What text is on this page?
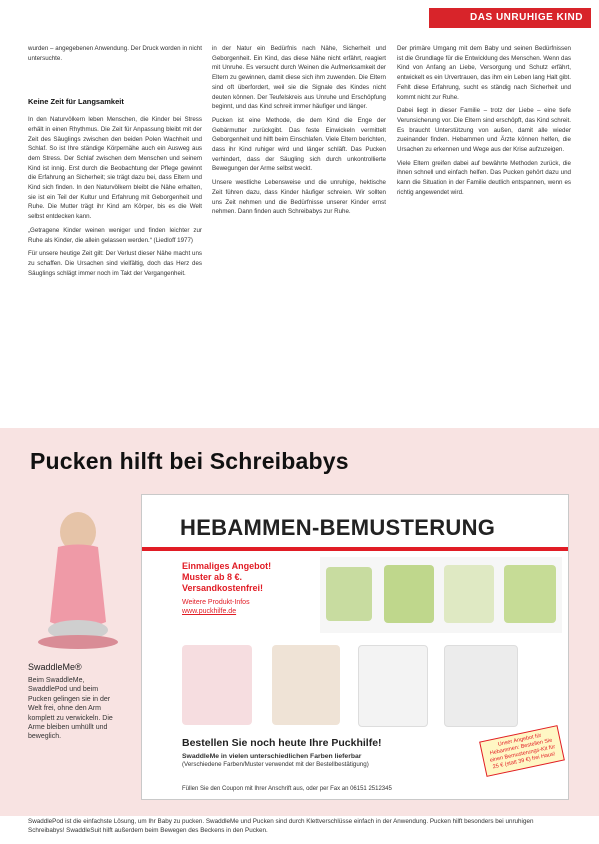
DAS UNRUHIGE KIND

wurden – angegebenen Anwendung. Der Druck worden in nicht untersuchte.

Keine Zeit für Langsamkeit

In den Naturvölkern leben Menschen, die Kinder bei Stress erhält in einen Rhythmus. Die Zeit für Anpassung bleibt mit der Zeit des Säuglings zwischen den beiden Polen Wachheit und Schlaf. So ist Ihre ständige Körpernähe auch ein Ausweg aus dem Stress. Der Schlaf zwischen dem Menschen und seinem Kind ist innig. Erst durch die Beobachtung der Pflege gewinnt die Erfahrung an Sicherheit; sie trägt dazu bei, dass Eltern und Kind sich finden. In den Naturvölkern bleibt die Nähe erhalten, sie ist ein Teil der Kultur und Erfahrung mit Geborgenheit und Ruhe. Die Mutter trägt ihr Kind am Körper, bis es die Welt selbst entdecken kann.

„Getragene Kinder weinen weniger und finden leichter zur Ruhe als Kinder, die allein gelassen werden.“ (Liedloff 1977)

Für unsere heutige Zeit gilt: Der Verlust dieser Nähe macht uns zu schaffen. Die Ursachen sind vielfältig, doch das Herz des Säuglings schlägt immer noch im Takt der Vergangenheit.

in der Natur ein Bedürfnis nach Nähe, Sicherheit und Geborgenheit. Ein Kind, das diese Nähe nicht erfährt, reagiert mit Unruhe. Es versucht durch Weinen die Aufmerksamkeit der Eltern zu gewinnen, damit diese sich ihm zuwenden. Die Eltern sind oft überfordert, weil sie die Signale des Kindes nicht deuten können. Der Teufelskreis aus Unruhe und Erschöpfung beginnt, und das Kind schreit immer häufiger und länger.

Pucken ist eine Methode, die dem Kind die Enge der Gebärmutter zurückgibt. Das feste Einwickeln vermittelt Geborgenheit und hilft beim Einschlafen. Viele Eltern berichten, dass ihr Kind ruhiger wird und länger schläft. Das Pucken verhindert, dass der Säugling sich durch unkontrollierte Bewegungen der Arme selbst weckt.

Unsere westliche Lebensweise und die unruhige, hektische Zeit führen dazu, dass Kinder häufiger schreien. Wir sollten uns Zeit nehmen und die Bedürfnisse unserer Kinder ernst nehmen. Dann finden auch Schreibabys zur Ruhe.

Der primäre Umgang mit dem Baby und seinen Bedürfnissen ist die Grundlage für die Entwicklung des Menschen. Wenn das Kind von Anfang an Liebe, Versorgung und Schutz erfährt, entwickelt es ein Urvertrauen, das ihm ein Leben lang Halt gibt. Fehlt diese Erfahrung, sucht es ständig nach Sicherheit und kommt nicht zur Ruhe.

Dabei liegt in dieser Familie – trotz der Liebe – eine tiefe Verunsicherung vor. Die Eltern sind erschöpft, das Kind schreit. Es braucht Unterstützung von außen, damit alle wieder zueinander finden. Hebammen und Ärzte können helfen, die Ursachen zu erkennen und Wege aus der Krise aufzuzeigen.

Viele Eltern greifen dabei auf bewährte Methoden zurück, die ihnen schnell und einfach helfen. Das Pucken gehört dazu und kann die Situation in der Familie deutlich entspannen, wenn es richtig angewendet wird.

Pucken hilft bei Schreibabys
SwaddleMe®
Beim SwaddleMe, SwaddlePod und beim Pucken gelingen sie in der Welt frei, ohne den Arm komplett zu verwickeln. Die Arme bleiben umhüllt und beweglich.
HEBAMMEN-BEMUSTERUNG
Einmaliges Angebot!
Muster ab 8 €.
Versandkostenfrei!
Weitere Produkt-Infos
www.puckhilfe.de
Bestellen Sie noch heute Ihre Puckhilfe!
SwaddleMe in vielen unterschiedlichen Farben lieferbar
(Verschiedene Farben/Muster verwendet mit der Bestellbestätigung)
Füllen Sie den Coupon mit Ihrer Anschrift aus, oder per Fax an 06151 2512345
Unser Angebot für Hebammen: Bestellen Sie einen Bemusterungs-Kit für 25 € (statt 39 €) frei Haus!
SwaddlePod ist die einfachste Lösung, um Ihr Baby zu pucken. SwaddleMe und Pucken sind durch Klettverschlüsse einfach in der Anwendung. Pucken hilft besonders bei unruhigen Schreibabys! SwaddleSuit hilft außerdem beim Bewegen des Beckens in den Pucken.
